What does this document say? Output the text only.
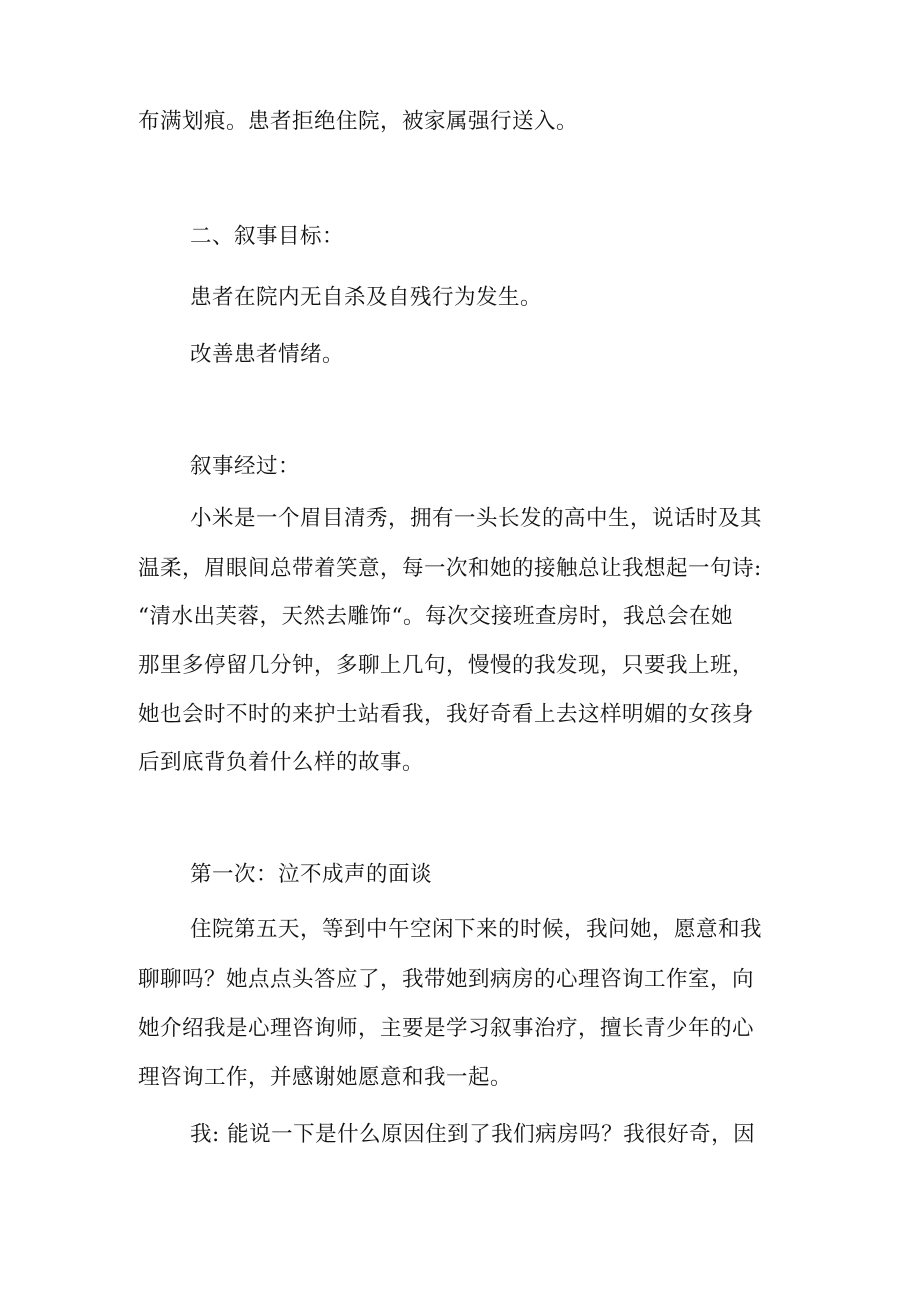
布满划痕。患者拒绝住院，被家属强行送入。
二、叙事目标：
患者在院内无自杀及自残行为发生。
改善患者情绪。
叙事经过：
小米是一个眉目清秀，拥有一头长发的高中生，说话时及其
温柔，眉眼间总带着笑意，每一次和她的接触总让我想起一句诗:
“清水出芙蓉，天然去雕饰“。每次交接班查房时，我总会在她
那里多停留几分钟，多聊上几句，慢慢的我发现，只要我上班，
她也会时不时的来护士站看我，我好奇看上去这样明媚的女孩身
后到底背负着什么样的故事。
第一次：泣不成声的面谈
住院第五天，等到中午空闲下来的时候，我问她，愿意和我
聊聊吗？她点点头答应了，我带她到病房的心理咨询工作室，向
她介绍我是心理咨询师，主要是学习叙事治疗，擅长青少年的心
理咨询工作，并感谢她愿意和我一起。
我: 能说一下是什么原因住到了我们病房吗？我很好奇，因
